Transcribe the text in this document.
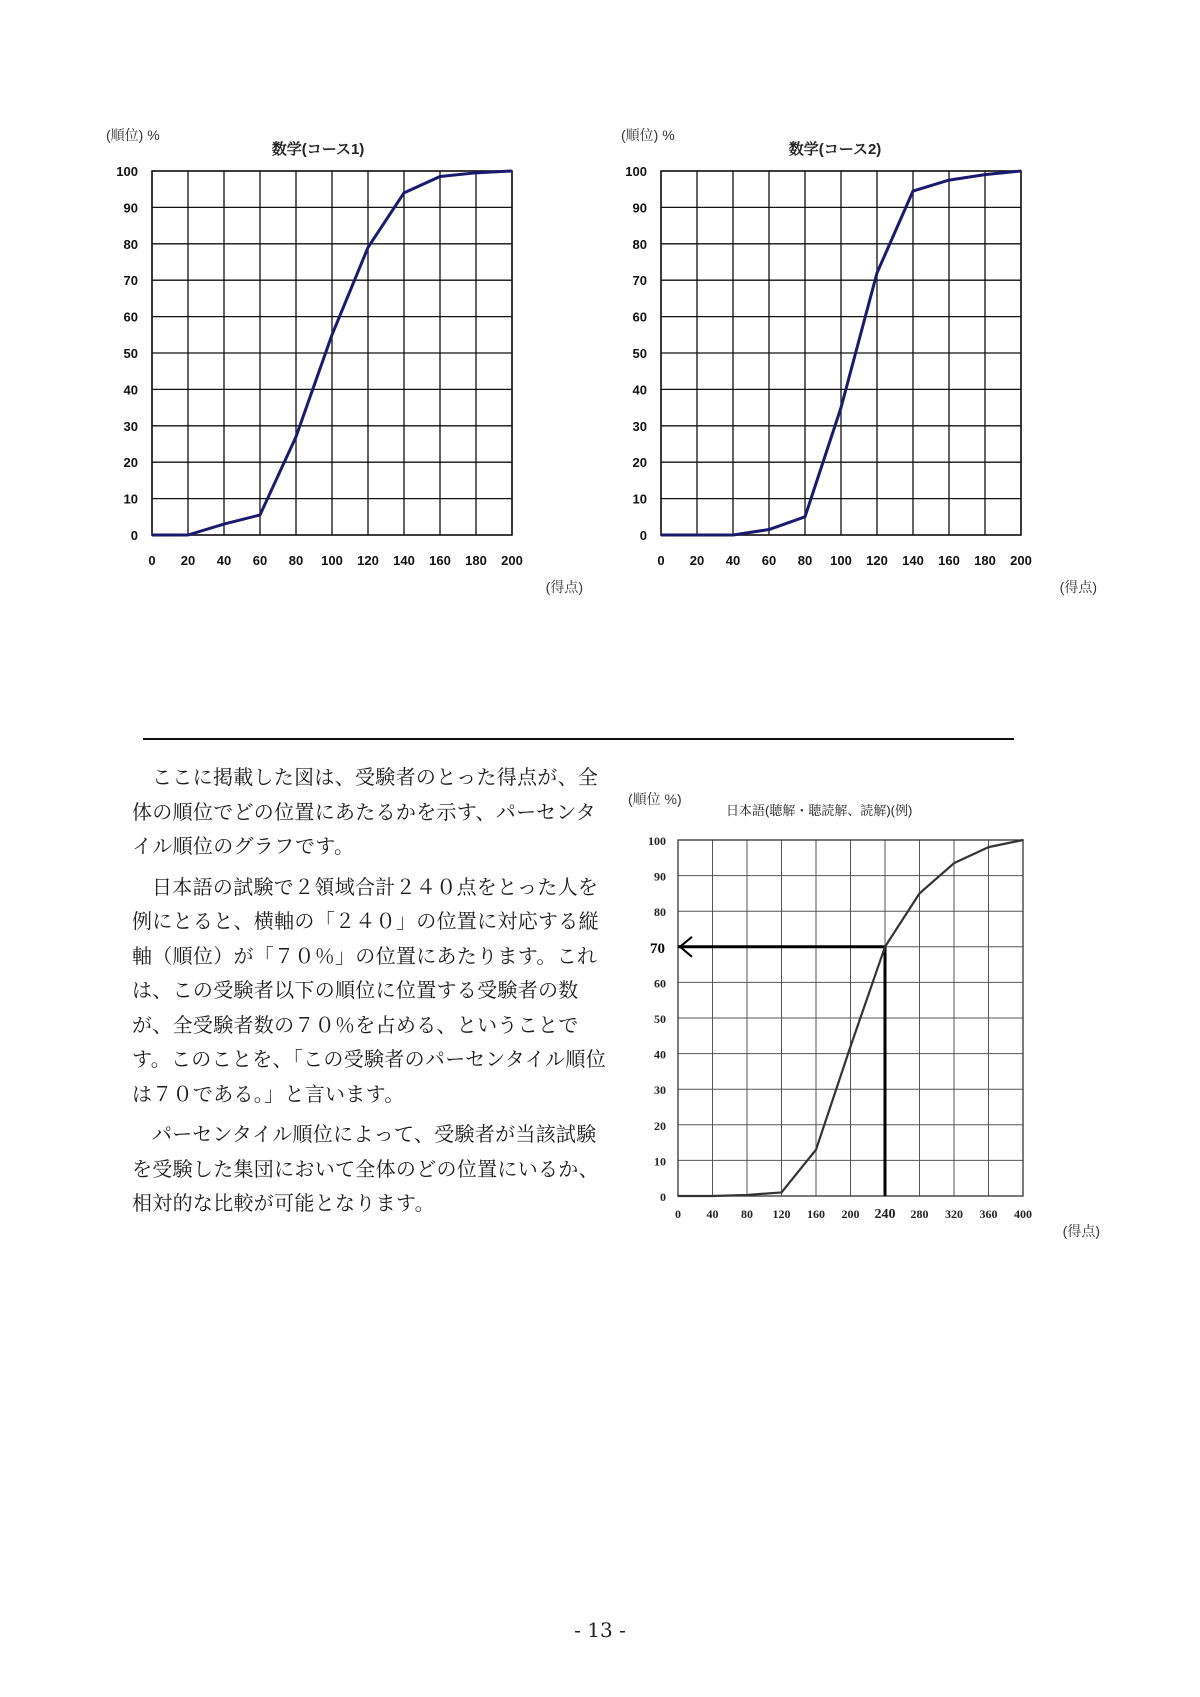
(順位) %
数学(コース1)
0
10
20
30
40
50
60
70
80
90
100
0 20 40 60 80 100 120 140 160 180 200
(得点)
(順位) %
数学(コース2)
0
10
20
30
40
50
60
70
80
90
100
0 20 40 60 80 100 120 140 160 180 200
(得点)

ここに掲載した図は、受験者のとった得点が、全体の順位でどの位置にあたるかを示す、パーセンタイル順位のグラフです。

日本語の試験で２領域合計２４０点をとった人を例にとると、横軸の「２４０」の位置に対応する縦軸（順位）が「７０％」の位置にあたります。これは、この受験者以下の順位に位置する受験者の数が、全受験者数の７０％を占める、ということです。このことを、「この受験者のパーセンタイル順位は７０である。」と言います。

パーセンタイル順位によって、受験者が当該試験を受験した集団において全体のどの位置にいるか、相対的な比較が可能となります。

(順位 %)
日本語(聴解・聴読解、読解)(例)
0
10
20
30
40
50
60
80
90
100
0 40 80 120 160 200 240 280 320 360 400
70
(得点)
- 13 -
